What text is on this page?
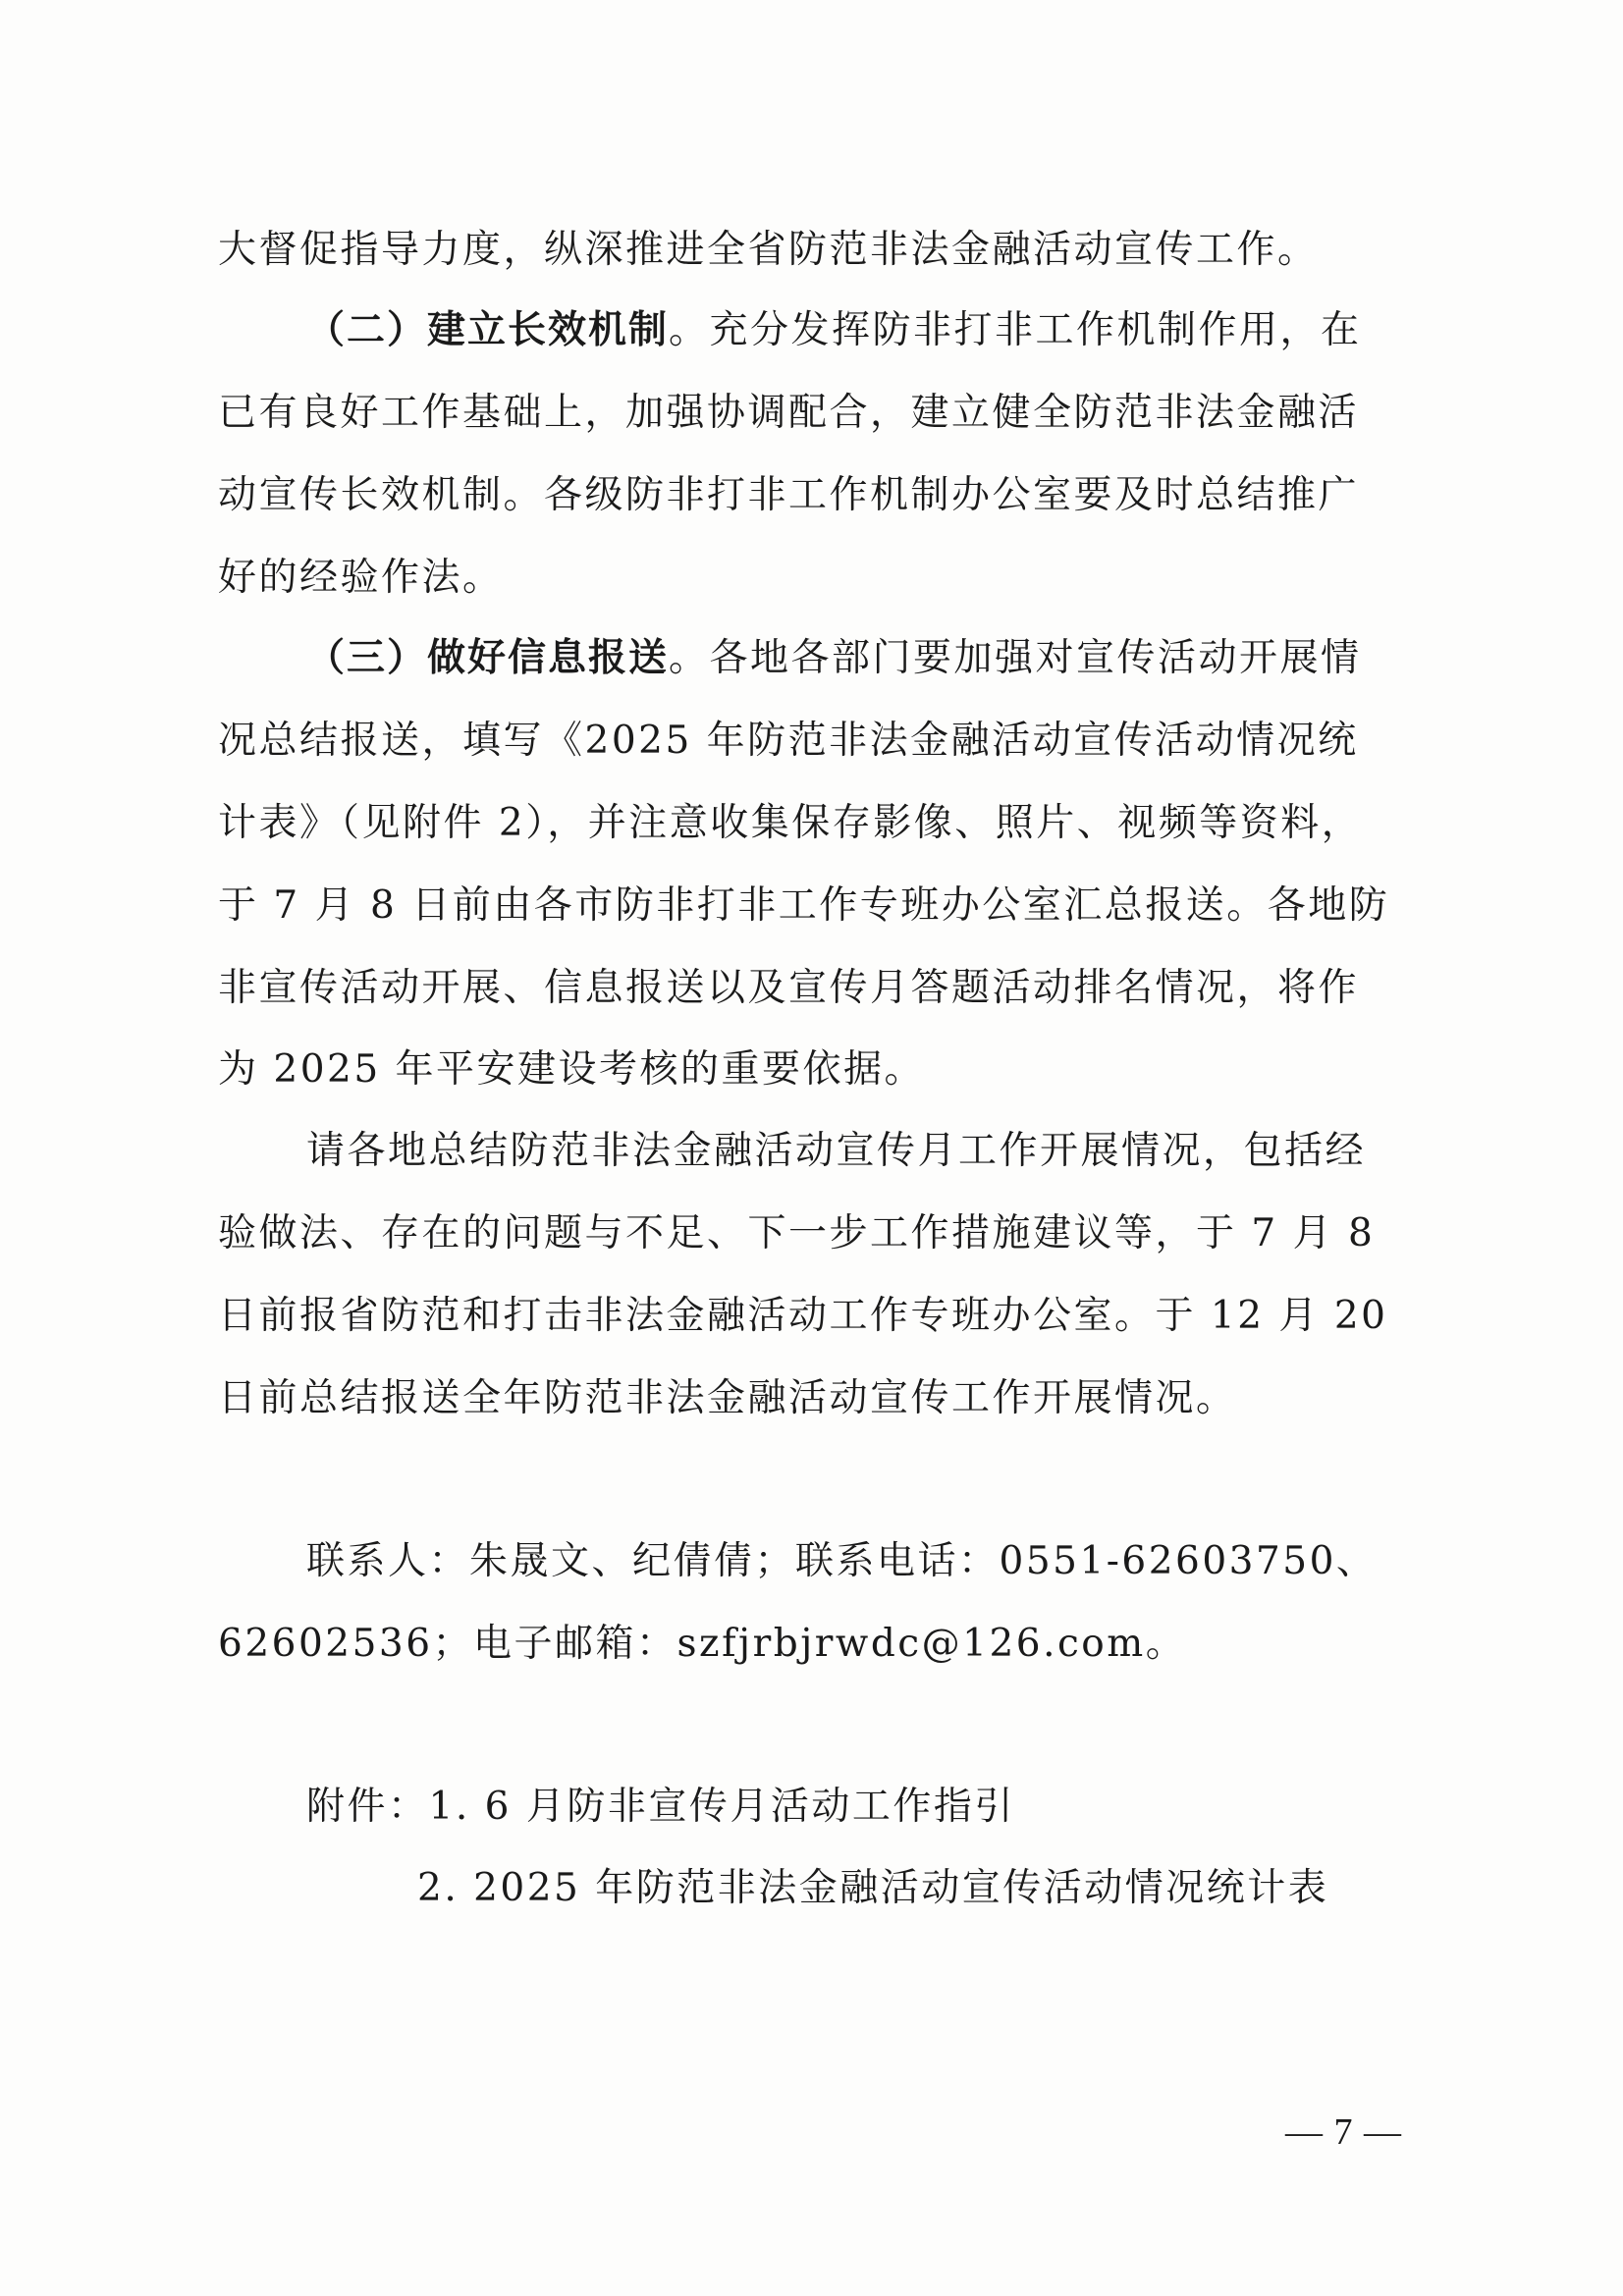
大督促指导力度，纵深推进全省防范非法金融活动宣传工作。
（二）建立长效机制。充分发挥防非打非工作机制作用，在
已有良好工作基础上，加强协调配合，建立健全防范非法金融活
动宣传长效机制。各级防非打非工作机制办公室要及时总结推广
好的经验作法。
（三）做好信息报送。各地各部门要加强对宣传活动开展情
况总结报送，填写《2025 年防范非法金融活动宣传活动情况统
计表》（见附件 2），并注意收集保存影像、照片、视频等资料，
于 7 月 8 日前由各市防非打非工作专班办公室汇总报送。各地防
非宣传活动开展、信息报送以及宣传月答题活动排名情况，将作
为 2025 年平安建设考核的重要依据。
请各地总结防范非法金融活动宣传月工作开展情况，包括经
验做法、存在的问题与不足、下一步工作措施建议等，于 7 月 8
日前报省防范和打击非法金融活动工作专班办公室。于 12 月 20
日前总结报送全年防范非法金融活动宣传工作开展情况。
联系人：朱晟文、纪倩倩；联系电话：0551-62603750、
62602536；电子邮箱：szfjrbjrwdc@126.com。
附件：1. 6 月防非宣传月活动工作指引
2. 2025 年防范非法金融活动宣传活动情况统计表
— 7 —
